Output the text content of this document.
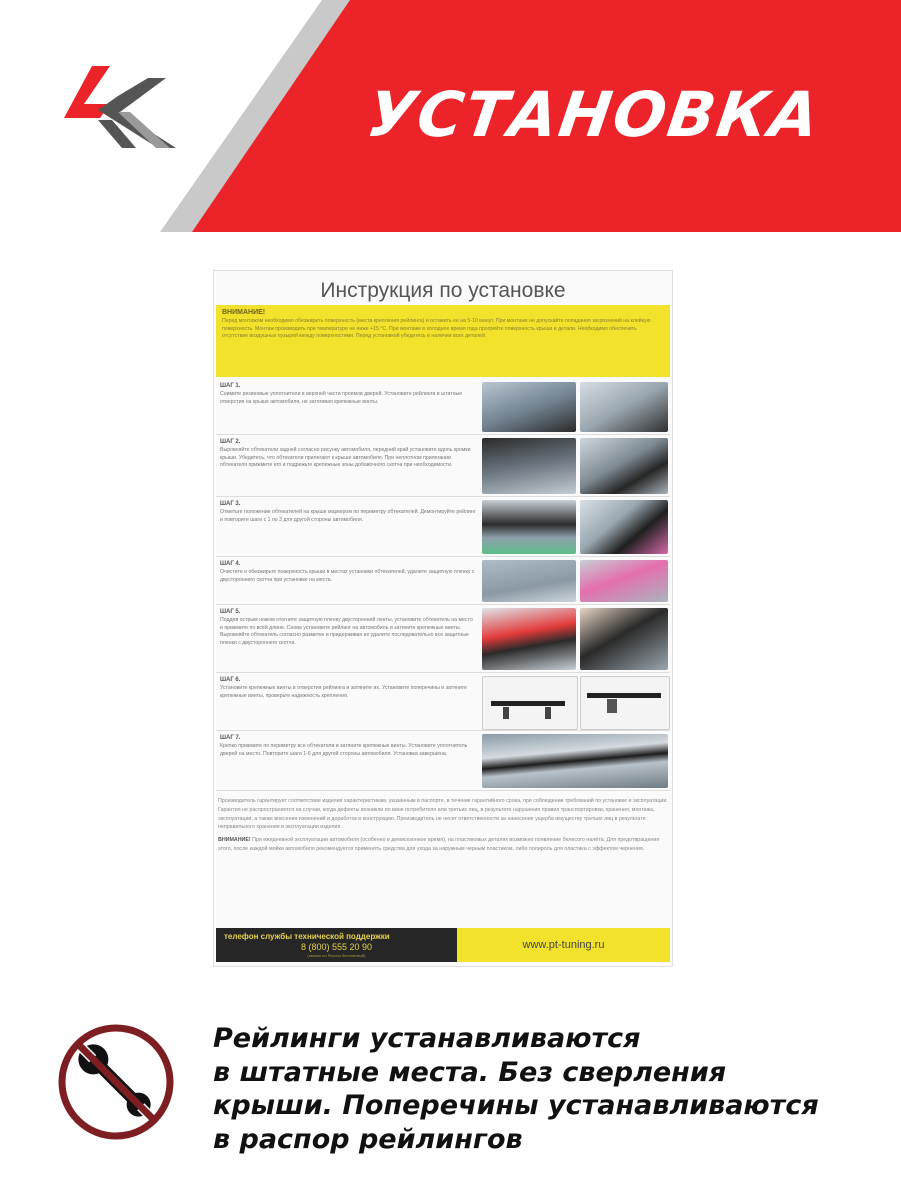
УСТАНОВКА
Инструкция по установке
ВНИМАНИЕ!
Перед монтажом необходимо обезжирить поверхность (места крепления рейлинга) и оставить ее на 5-10 минут. При монтаже не допускайте попадания загрязнений на клейкую поверхность. Монтаж производить при температуре не ниже +15 °С. При монтаже в холодное время года прогрейте поверхность крыши и детали. Необходимо обеспечить отсутствие воздушных пузырей между поверхностями. Перед установкой убедитесь в наличии всех деталей.
ШАГ 1.
Снимите резиновые уплотнители в верхней части проемов дверей. Установите рейлинги в штатные отверстия на крыше автомобиля, не затягивая крепежные винты.
ШАГ 2.
Выровняйте обтекатели задней согласно рисунку автомобиля, передний край установите вдоль кромки крыши. Убедитесь, что обтекатели прилегают к крыше автомобиля. При неплотном прилегании обтекателя прижмите его и подрежьте крепежные зоны добавочного скотча при необходимости.
ШАГ 3.
Отметьте положение обтекателей на крыше маркером по периметру обтекателей. Демонтируйте рейлинг и повторите шаги с 1 по 3 для другой стороны автомобиля.
ШАГ 4.
Очистите и обезжирьте поверхность крыши в местах установки обтекателей, удалите защитную пленку с двустороннего скотча при установке на места.
ШАГ 5.
Поддев острым ножом отогните защитную пленку двусторонней ленты, установите обтекатель на место и прижмите по всей длине. Снова установите рейлинг на автомобиль и затяните крепежные винты. Выровняйте обтекатель согласно разметке и придерживая их удалите последовательно все защитные пленки с двустороннего скотча.
ШАГ 6.
Установите крепежные винты в отверстия рейлинга и затяните их. Установите поперечины и затяните крепежные винты, проверьте надежность крепления.
ШАГ 7.
Крепко прижмите по периметру все обтекатели и затяните крепежные винты. Установите уплотнитель дверей на место. Повторите шаги 1-6 для другой стороны автомобиля. Установка завершена.
Производитель гарантирует соответствие изделия характеристикам, указанным в паспорте, в течение гарантийного срока, при соблюдении требований по установке и эксплуатации. Гарантия не распространяется на случаи, когда дефекты возникли по вине потребителя или третьих лиц, в результате нарушения правил транспортировки, хранения, монтажа, эксплуатации, а также внесения изменений и доработок в конструкцию. Производитель не несет ответственности за нанесение ущерба имуществу третьих лиц в результате неправильного хранения и эксплуатации изделия.
ВНИМАНИЕ! При ежедневной эксплуатации автомобиля (особенно в демисезонное время), на пластиковых деталях возможно появление белесого налёта. Для предотвращения этого, после каждой мойки автомобиля рекомендуется применять средства для ухода за наружным черным пластиком, либо полироль для пластика с эффектом чернения.
телефон службы технической поддержки
8 (800) 555 20 90
(звонок по России бесплатный)
www.pt-tuning.ru
Рейлинги устанавливаются
в штатные места. Без сверления
крыши. Поперечины устанавливаются
в распор рейлингов
